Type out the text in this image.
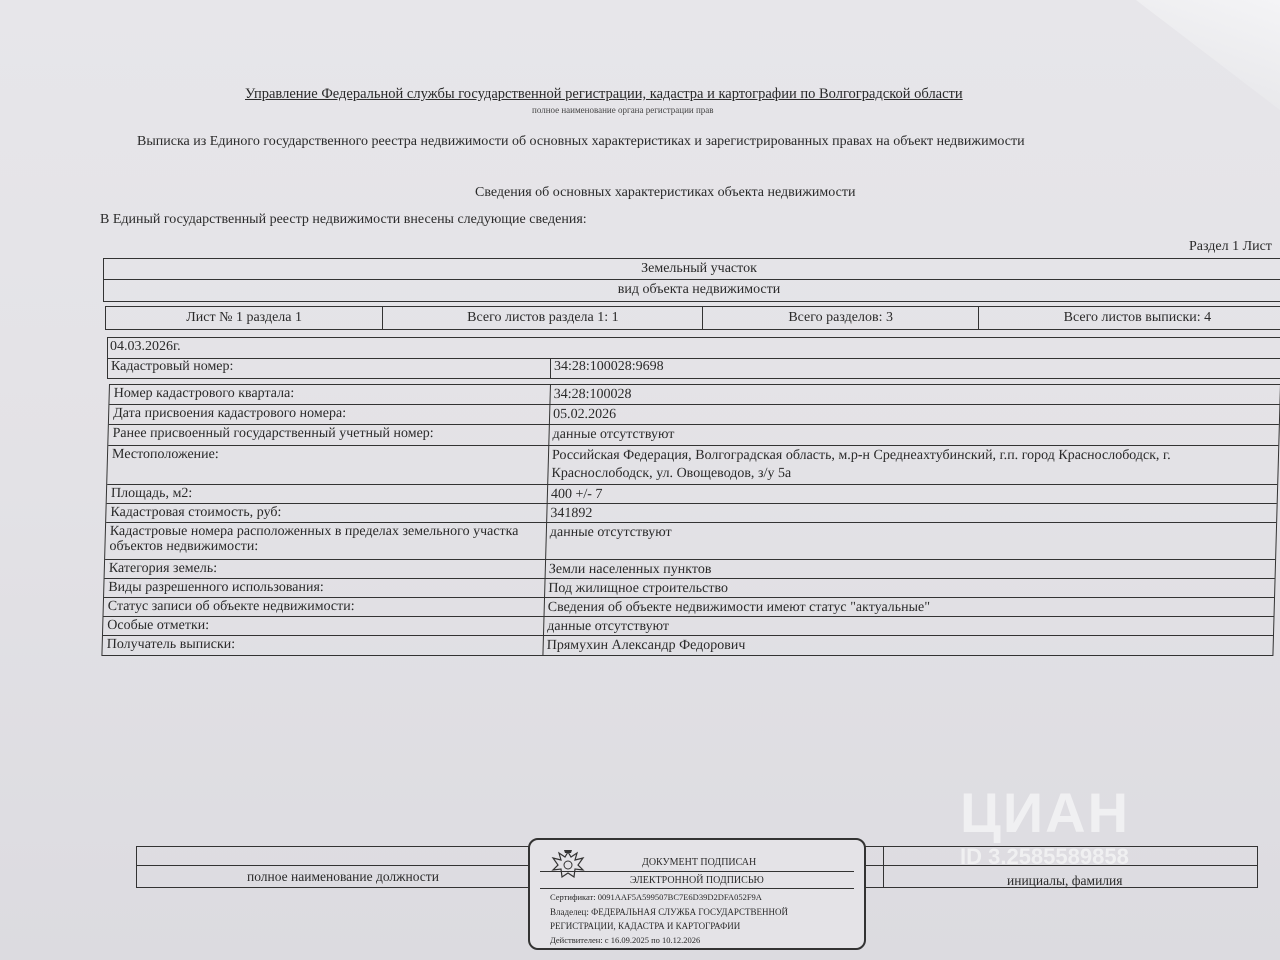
Управление Федеральной службы государственной регистрации, кадастра и картографии по Волгоградской области
полное наименование органа регистрации прав
Выписка из Единого государственного реестра недвижимости об основных характеристиках и зарегистрированных правах на объект недвижимости
Сведения об основных характеристиках объекта недвижимости
В Единый государственный реестр недвижимости внесены следующие сведения:
Раздел 1 Лист
Земельный участок
вид объекта недвижимости
Лист № 1 раздела 1	Всего листов раздела 1: 1	Всего разделов: 3	Всего листов выписки: 4
04.03.2026г.
Кадастровый номер:	34:28:100028:9698
Номер кадастрового квартала:	34:28:100028
Дата присвоения кадастрового номера:	05.02.2026
Ранее присвоенный государственный учетный номер:	данные отсутствуют
Местоположение:	Российская Федерация, Волгоградская область, м.р-н Среднеахтубинский, г.п. город Краснослободск, г. Краснослободск, ул. Овощеводов, з/у 5а
Площадь, м2:	400 +/- 7
Кадастровая стоимость, руб:	341892
Кадастровые номера расположенных в пределах земельного участка объектов недвижимости:
данные отсутствуют
Категория земель:	Земли населенных пунктов
Виды разрешенного использования:	Под жилищное строительство
Статус записи об объекте недвижимости:	Сведения об объекте недвижимости имеют статус "актуальные"
Особые отметки:	данные отсутствуют
Получатель выписки:	Прямухин Александр Федорович
полное наименование должности	инициалы, фамилия
ДОКУМЕНТ ПОДПИСАН
ЭЛЕКТРОННОЙ ПОДПИСЬЮ
Сертификат: 0091AAF5A599507BC7E6D39D2DFA052F9A
Владелец: ФЕДЕРАЛЬНАЯ СЛУЖБА ГОСУДАРСТВЕННОЙ
РЕГИСТРАЦИИ, КАДАСТРА И КАРТОГРАФИИ
Действителен: с 16.09.2025 по 10.12.2026
ЦИАН
ID 3.2585589858
